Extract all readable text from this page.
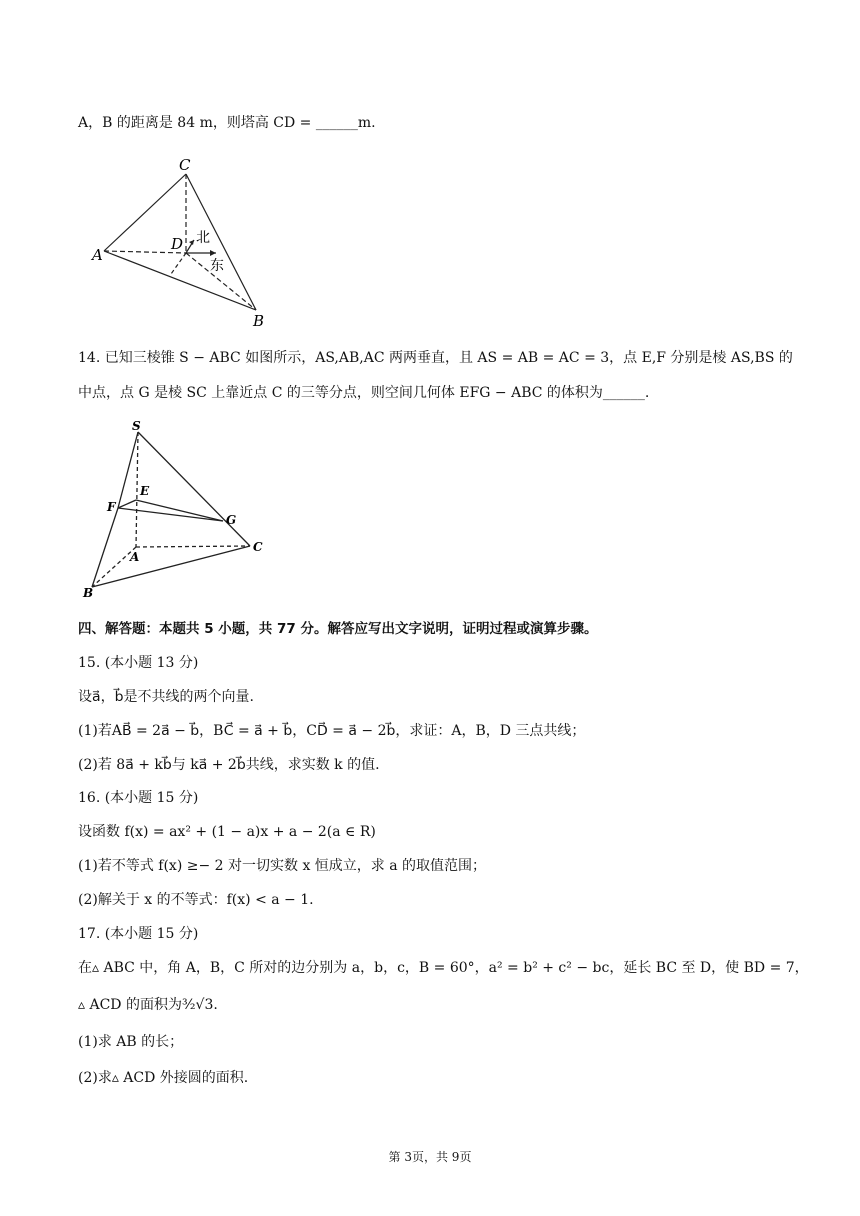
A，B 的距离是 84 m，则塔高 CD = ______m.
C
A
D
B
北
东
14. 已知三棱锥 S − ABC 如图所示，AS,AB,AC 两两垂直，且 AS = AB = AC = 3，点 E,F 分别是棱 AS,BS 的
中点，点 G 是棱 SC 上靠近点 C 的三等分点，则空间几何体 EFG − ABC 的体积为______.
S
E
F
G
A
C
B
四、解答题：本题共 5 小题，共 77 分。解答应写出文字说明，证明过程或演算步骤。
15. (本小题 13 分)
设a⃗，b⃗是不共线的两个向量.
(1)若AB⃗ = 2a⃗ − b⃗，BC⃗ = a⃗ + b⃗，CD⃗ = a⃗ − 2b⃗，求证：A，B，D 三点共线；
(2)若 8a⃗ + kb⃗与 ka⃗ + 2b⃗共线，求实数 k 的值.
16. (本小题 15 分)
设函数 f(x) = ax² + (1 − a)x + a − 2(a ∈ R)
(1)若不等式 f(x) ≥− 2 对一切实数 x 恒成立，求 a 的取值范围；
(2)解关于 x 的不等式：f(x) < a − 1.
17. (本小题 15 分)
在▵ ABC 中，角 A，B，C 所对的边分别为 a，b，c，B = 60°，a² = b² + c² − bc，延长 BC 至 D，使 BD = 7，
▵ ACD 的面积为³⁄₂√3.
(1)求 AB 的长；
(2)求▵ ACD 外接圆的面积.
第 3页，共 9页
